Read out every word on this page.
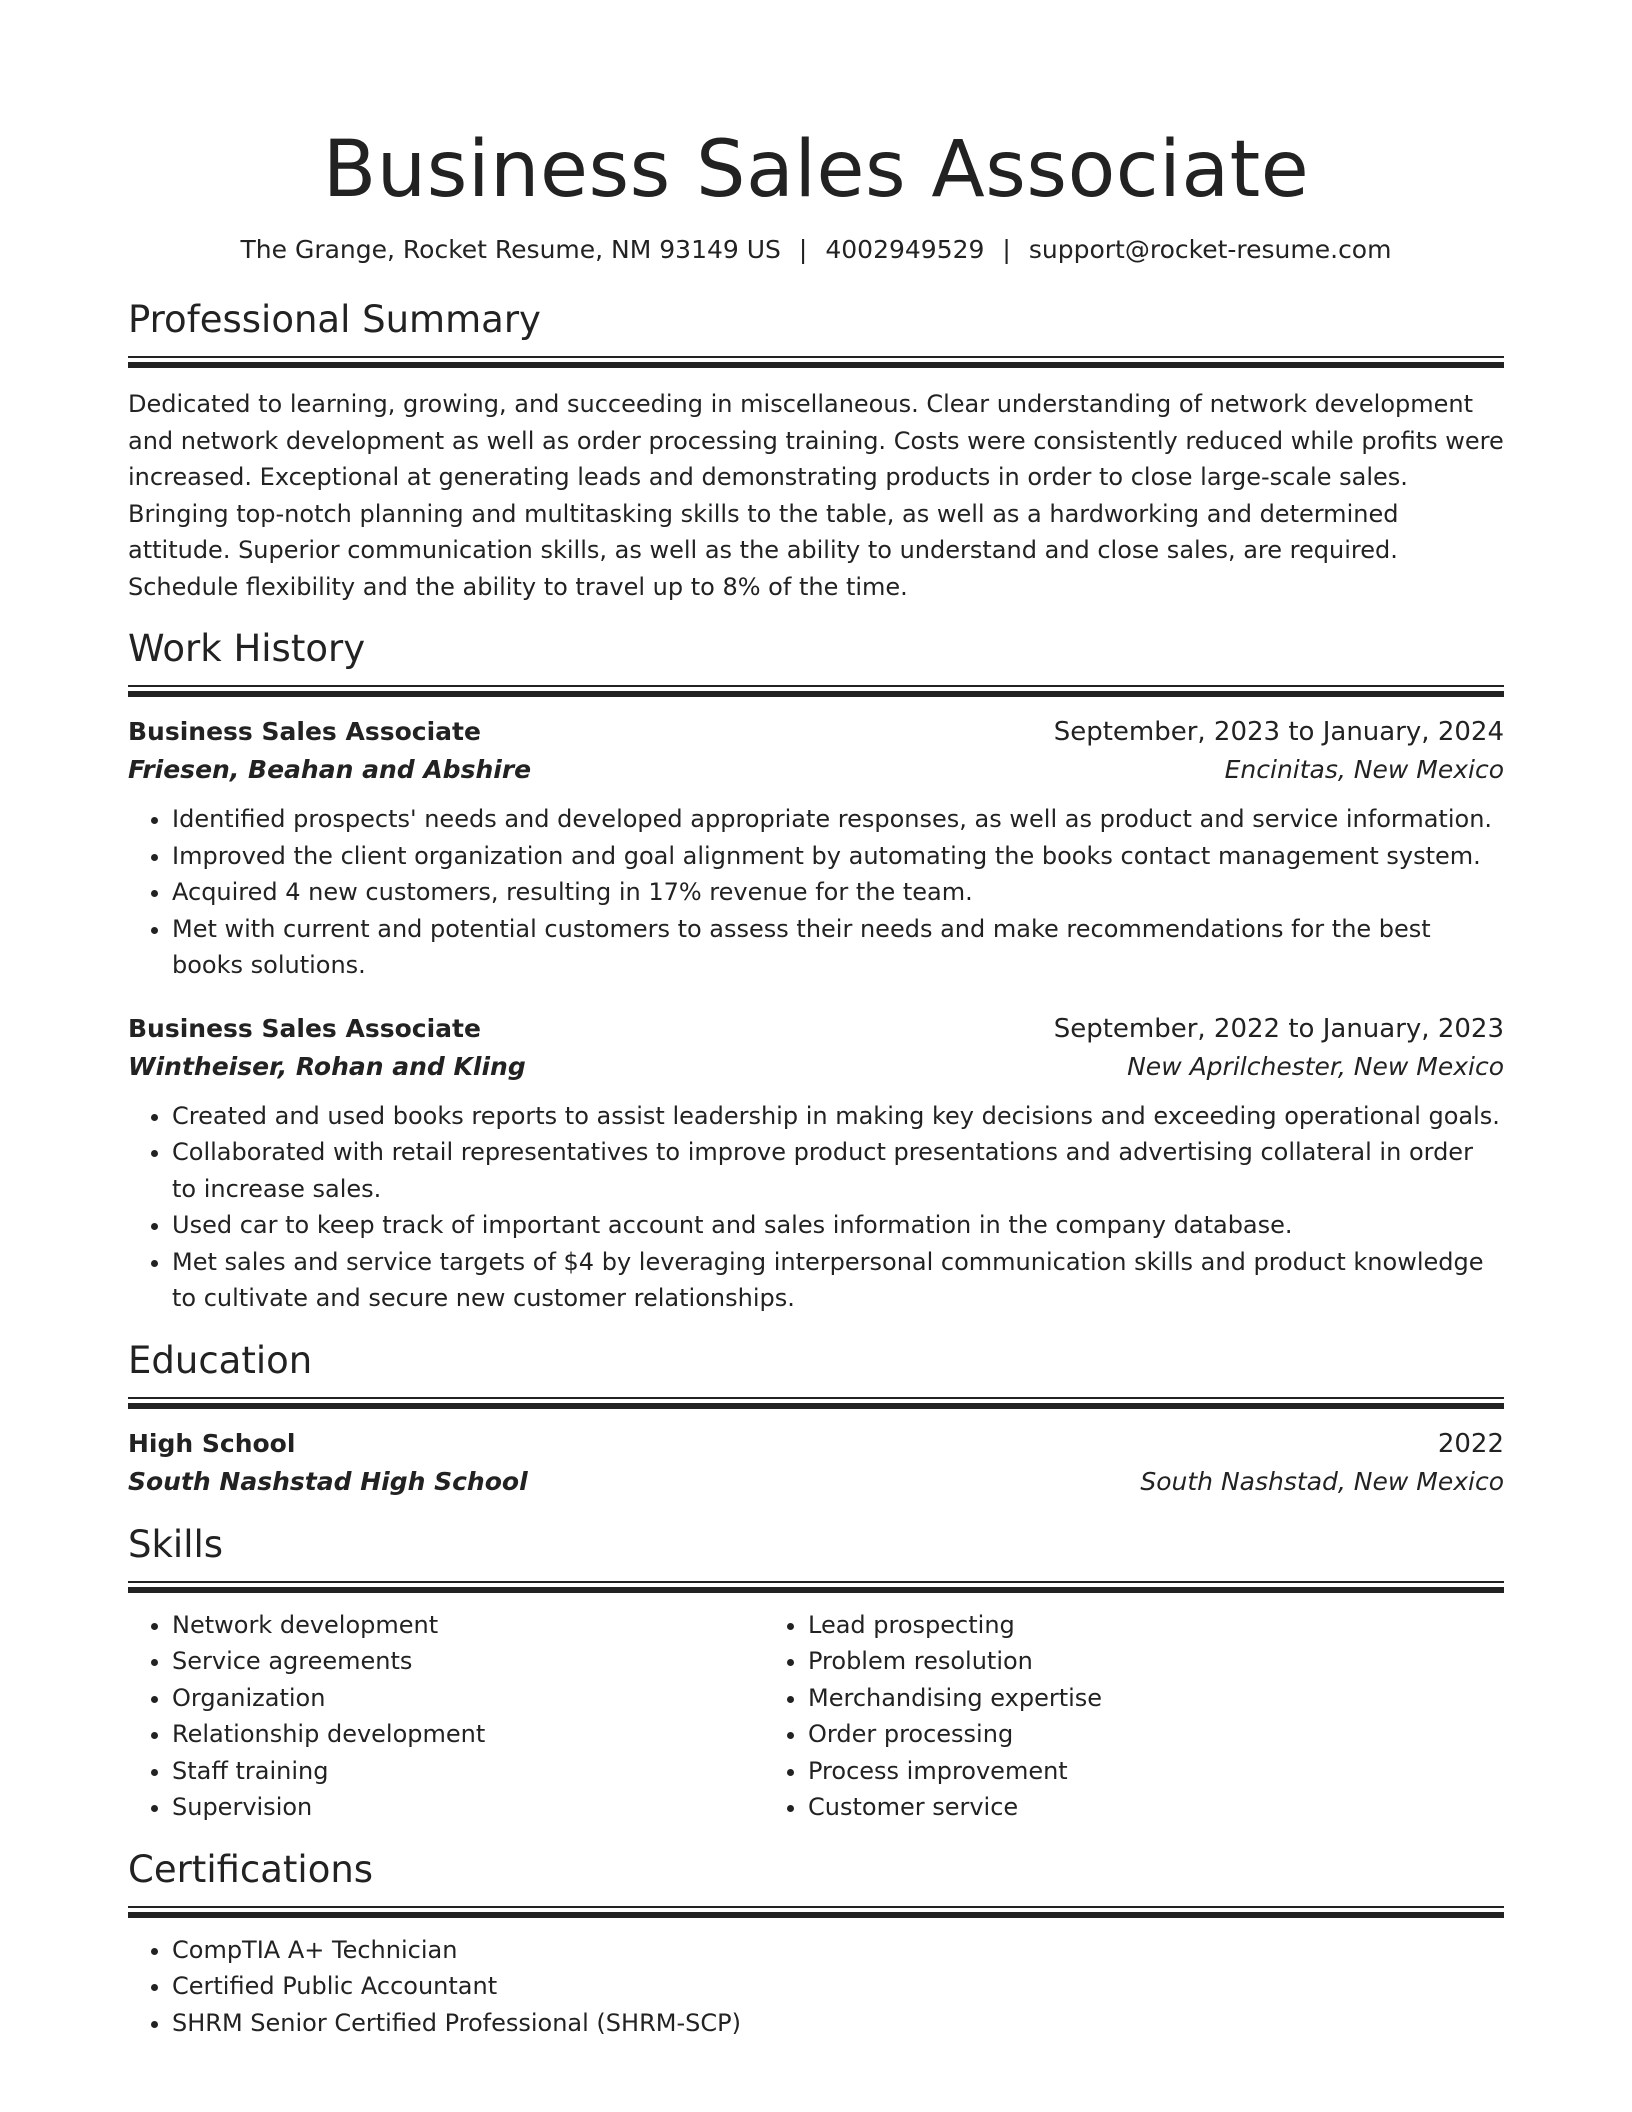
Business Sales Associate
The Grange, Rocket Resume, NM 93149 US | 4002949529 | support@rocket-resume.com
Professional Summary
Dedicated to learning, growing, and succeeding in miscellaneous. Clear understanding of network development and network development as well as order processing training. Costs were consistently reduced while profits were increased. Exceptional at generating leads and demonstrating products in order to close large-scale sales. Bringing top-notch planning and multitasking skills to the table, as well as a hardworking and determined attitude. Superior communication skills, as well as the ability to understand and close sales, are required. Schedule flexibility and the ability to travel up to 8% of the time.
Work History
Business Sales Associate	September, 2023 to January, 2024
Friesen, Beahan and Abshire	Encinitas, New Mexico
• Identified prospects' needs and developed appropriate responses, as well as product and service information.
• Improved the client organization and goal alignment by automating the books contact management system.
• Acquired 4 new customers, resulting in 17% revenue for the team.
• Met with current and potential customers to assess their needs and make recommendations for the best books solutions.
Business Sales Associate	September, 2022 to January, 2023
Wintheiser, Rohan and Kling	New Aprilchester, New Mexico
• Created and used books reports to assist leadership in making key decisions and exceeding operational goals.
• Collaborated with retail representatives to improve product presentations and advertising collateral in order to increase sales.
• Used car to keep track of important account and sales information in the company database.
• Met sales and service targets of $4 by leveraging interpersonal communication skills and product knowledge to cultivate and secure new customer relationships.
Education
High School	2022
South Nashstad High School	South Nashstad, New Mexico
Skills
• Network development
• Service agreements
• Organization
• Relationship development
• Staff training
• Supervision
• Lead prospecting
• Problem resolution
• Merchandising expertise
• Order processing
• Process improvement
• Customer service
Certifications
• CompTIA A+ Technician
• Certified Public Accountant
• SHRM Senior Certified Professional (SHRM-SCP)
